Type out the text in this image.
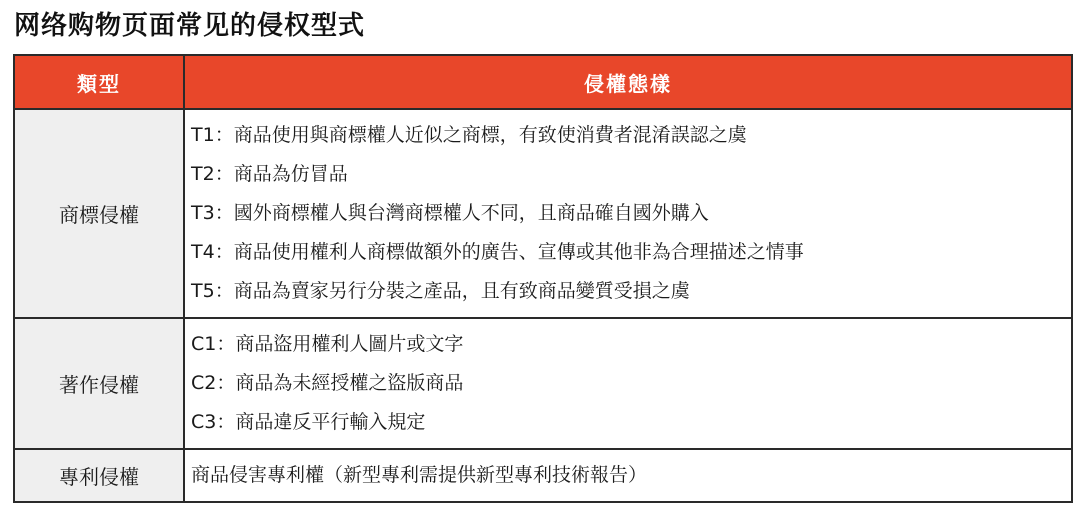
网络购物页面常见的侵权型式
類型	侵權態樣
商標侵權	T1：商品使用與商標權人近似之商標，有致使消費者混淆誤認之虞
T2：商品為仿冒品
T3：國外商標權人與台灣商標權人不同，且商品確自國外購入
T4：商品使用權利人商標做額外的廣告、宣傳或其他非為合理描述之情事
T5：商品為賣家另行分裝之產品，且有致商品變質受損之虞

著作侵權	C1：商品盜用權利人圖片或文字
C2：商品為未經授權之盜版商品
C3：商品違反平行輸入規定

專利侵權	商品侵害專利權（新型專利需提供新型專利技術報告）
